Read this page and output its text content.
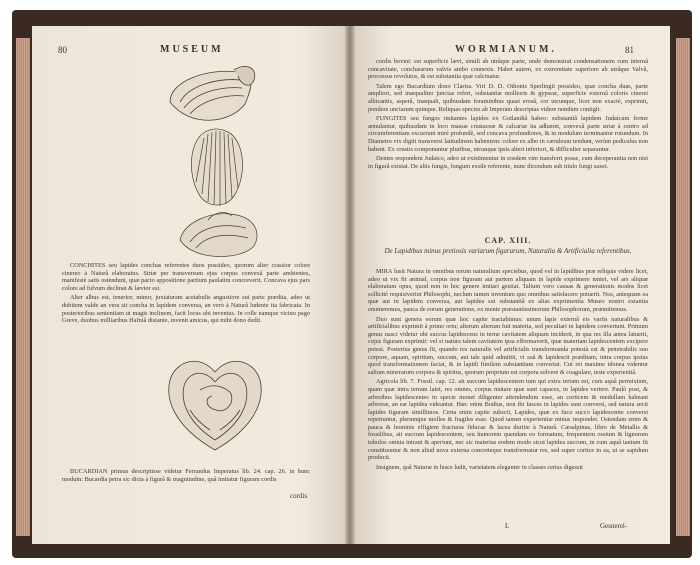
80	MUSEUM

CONCHITES seu lapides conchas referentes duos possideo, quorum alter crassior colore cinereo à Naturâ elaboratus. Striæ per transversum ejus corpus convexâ parte ambientes, manifestè satis ostendunt, quæ pacto appositione partium paulatim concreverit. Concava ejus pars colore ad fulvum declinat & lævior est.

Alter albus est, tenerior, minor, juxtaturam acetabulis angustiore sui parte prædita, adeo ut dubitem valde an vera sit concha in lapidem conversa, an verò à Naturâ ludente ita fabricata. In posterioribus sententiam ut magis inclinem, facit locus ubi inventus. In colle namque vicino pago Greve, duobus milliaribus Hafniâ distante, invenit amicus, qui mihi dono dedit.

BUCARDIAN primus descriptisse videtur Ferrandus Imperatus lib. 24. cap. 26. in hunc modum: Bucardia petra sic dicta à figurâ & magnitudine, quâ imitatur figuram cordis

cordis
WORMIANUM.	81

cordis bovini: est superficie lævi, simili ab utrâque parte, unde demonstrat condensationem cum internâ concavitate, conchæarum valvis ambo connexis. Habet autem, ex extremitate superiore ab utrâque Valvâ, processus revolutos, & est substantia quæ calcinatur.

Talem ego Bucardium dono Clariss. Viri D. D. Othonis Sperlingii possideo, quæ concha duas, parte ampliori, sed inæqualiter junctas refert, substantiæ mollioris & gypseæ, superficie externâ coloris cinerei albicantis, asperâ, inæquali, quibusdam foraminibus quasi erosâ, cor utcunque, licet non exactè, exprimit, pondere unciarum quinque. Reliquas species ab Imperato descriptas videre nondum contigit.

FUNGITES seu fungos imitantes lapides ex Gotlandiâ habeo: substantiâ lapidem Judaicum ferme æmulantur, quibusdam in loco massæ crustaceæ & calcariæ ita adhæret, convexâ parte striæ à centro ad circumferentiam excurrunt mirè profundè, sed concava profundiores, & in modulum terminantur rotundum. In Diametro vix digiti transversi latitudinem habentem: colore ex albo in cæruleum tendunt, verùm pediculus non habent. Ex crustis componuntur pluribus, utcunque ipsis alteri inferiori, & difficulter separantur.

Dentes respondent Judaico, adeo ut existimentur in eosdem vim transferri posse, cum deceperantia non nisi in figurâ existat. De aliis fungis, fungum exsile referente, nunc dicendum sub titulo fungi saxei.

CAP. XIII.
De Lapidibus minus pretiosis variarum figurarum, Naturalia & Artificialia referentibus.

MIRA lusit Natura in omnibus rerum naturalium speciebus, quod vel in lapidibus præ reliquis videre licet, adeo ut vix fit animal, corpus non figuram aut partem aliquam in lapide exprimere tentet, vel ars aliquæ elaboratum opus, quod non in hoc genere imitari gestiat. Talium vero causas & generationis modos licet sollicitè requisiverint Philosophi, neclum tamen inventum quo omnibus satisfacere potuerit. Nos, antequam ea quæ aut in lapidem conversa, aut lapidea sui substantiâ ex alias exprimentia Museo nostro extantia enumeremus, pauca de eorum generatione, ex mente præstantissimorum Philosophorum, præmittemus.

Duo sunt genera eorum quæ hoc capite tractabimus: unum lapis externâ eis variis naturalibus & artificialibus exprimit à primo ortu; alterum alterum fuit materia, sed peculiari in lapidem convertunt. Primum genus nasci videtur ubi succus lapidescens in terræ cavitatem aliquam inciderit, in qua res illa antea latuerit, cujus figuram exprimit: vel si natura talem cavitatem ipsa efformaverit, quæ materiam lapidescentem excipere potest. Posterius genus fit, quando res naturalis vel artificialis transformanda potestà est & penetrabilis suo corpore, aquam, spiritum, succum, aut tale quid admittit, vi suâ & lapidescit præditam, intra corpus ipsius quod transformationem faciat, & in lapidi fimilem substantiam convertat. Cui rei maxime idonea videntur salium minerarum corpora & spiritus, quorum proprium est corpora solvere & coagulare, teste experientiâ.

Agricola lib. 7. Fossil. cap. 12. ait succum lapidescentem tum qui extra terram est, cum aquâ permixtum, quam quæ intra terram latet, res omnes, corpus mutare quæ sunt capaces, in lapides vertere. Paulò post, & arboribus lapidescentes in specie monet diligenter attendendum esse, an corticem & medullam habeant arboreæ, an eæ lapidea videantur. Hæc enim Bodius, non ibi fasces in lapides sunt conversi, sed natura secit lapides figuram simillimos. Certa enim capite subscii, Lapides, quæ ex fuco succo lapidescente conversi reperiuntur, plerumque molles & fragiles esse. Quod tamen experientiæ minus respondet. Ostendam enim & pauca & hominis effigiem fracturas fiducae & lacea duritie à Naturâ. Cæsalpinus, libro de Metallis & fossilibus, ait succum lapidescentem, seu humorem quendam eo formatum, frequentem ossium & lignorum tubulos omnia intrant & aperiunt, nec sic materias eodem modo sicut lapidea succum, in cum aquâ tantum fit constituuntur & non aliud nova externa concreteque transformatur res, sed super cortice in ea, ut se sapidum producit.

Insignem, quâ Naturæ in hisce ludit, varietatem eleganter in classes certas digessit

L	Gesnerel-
